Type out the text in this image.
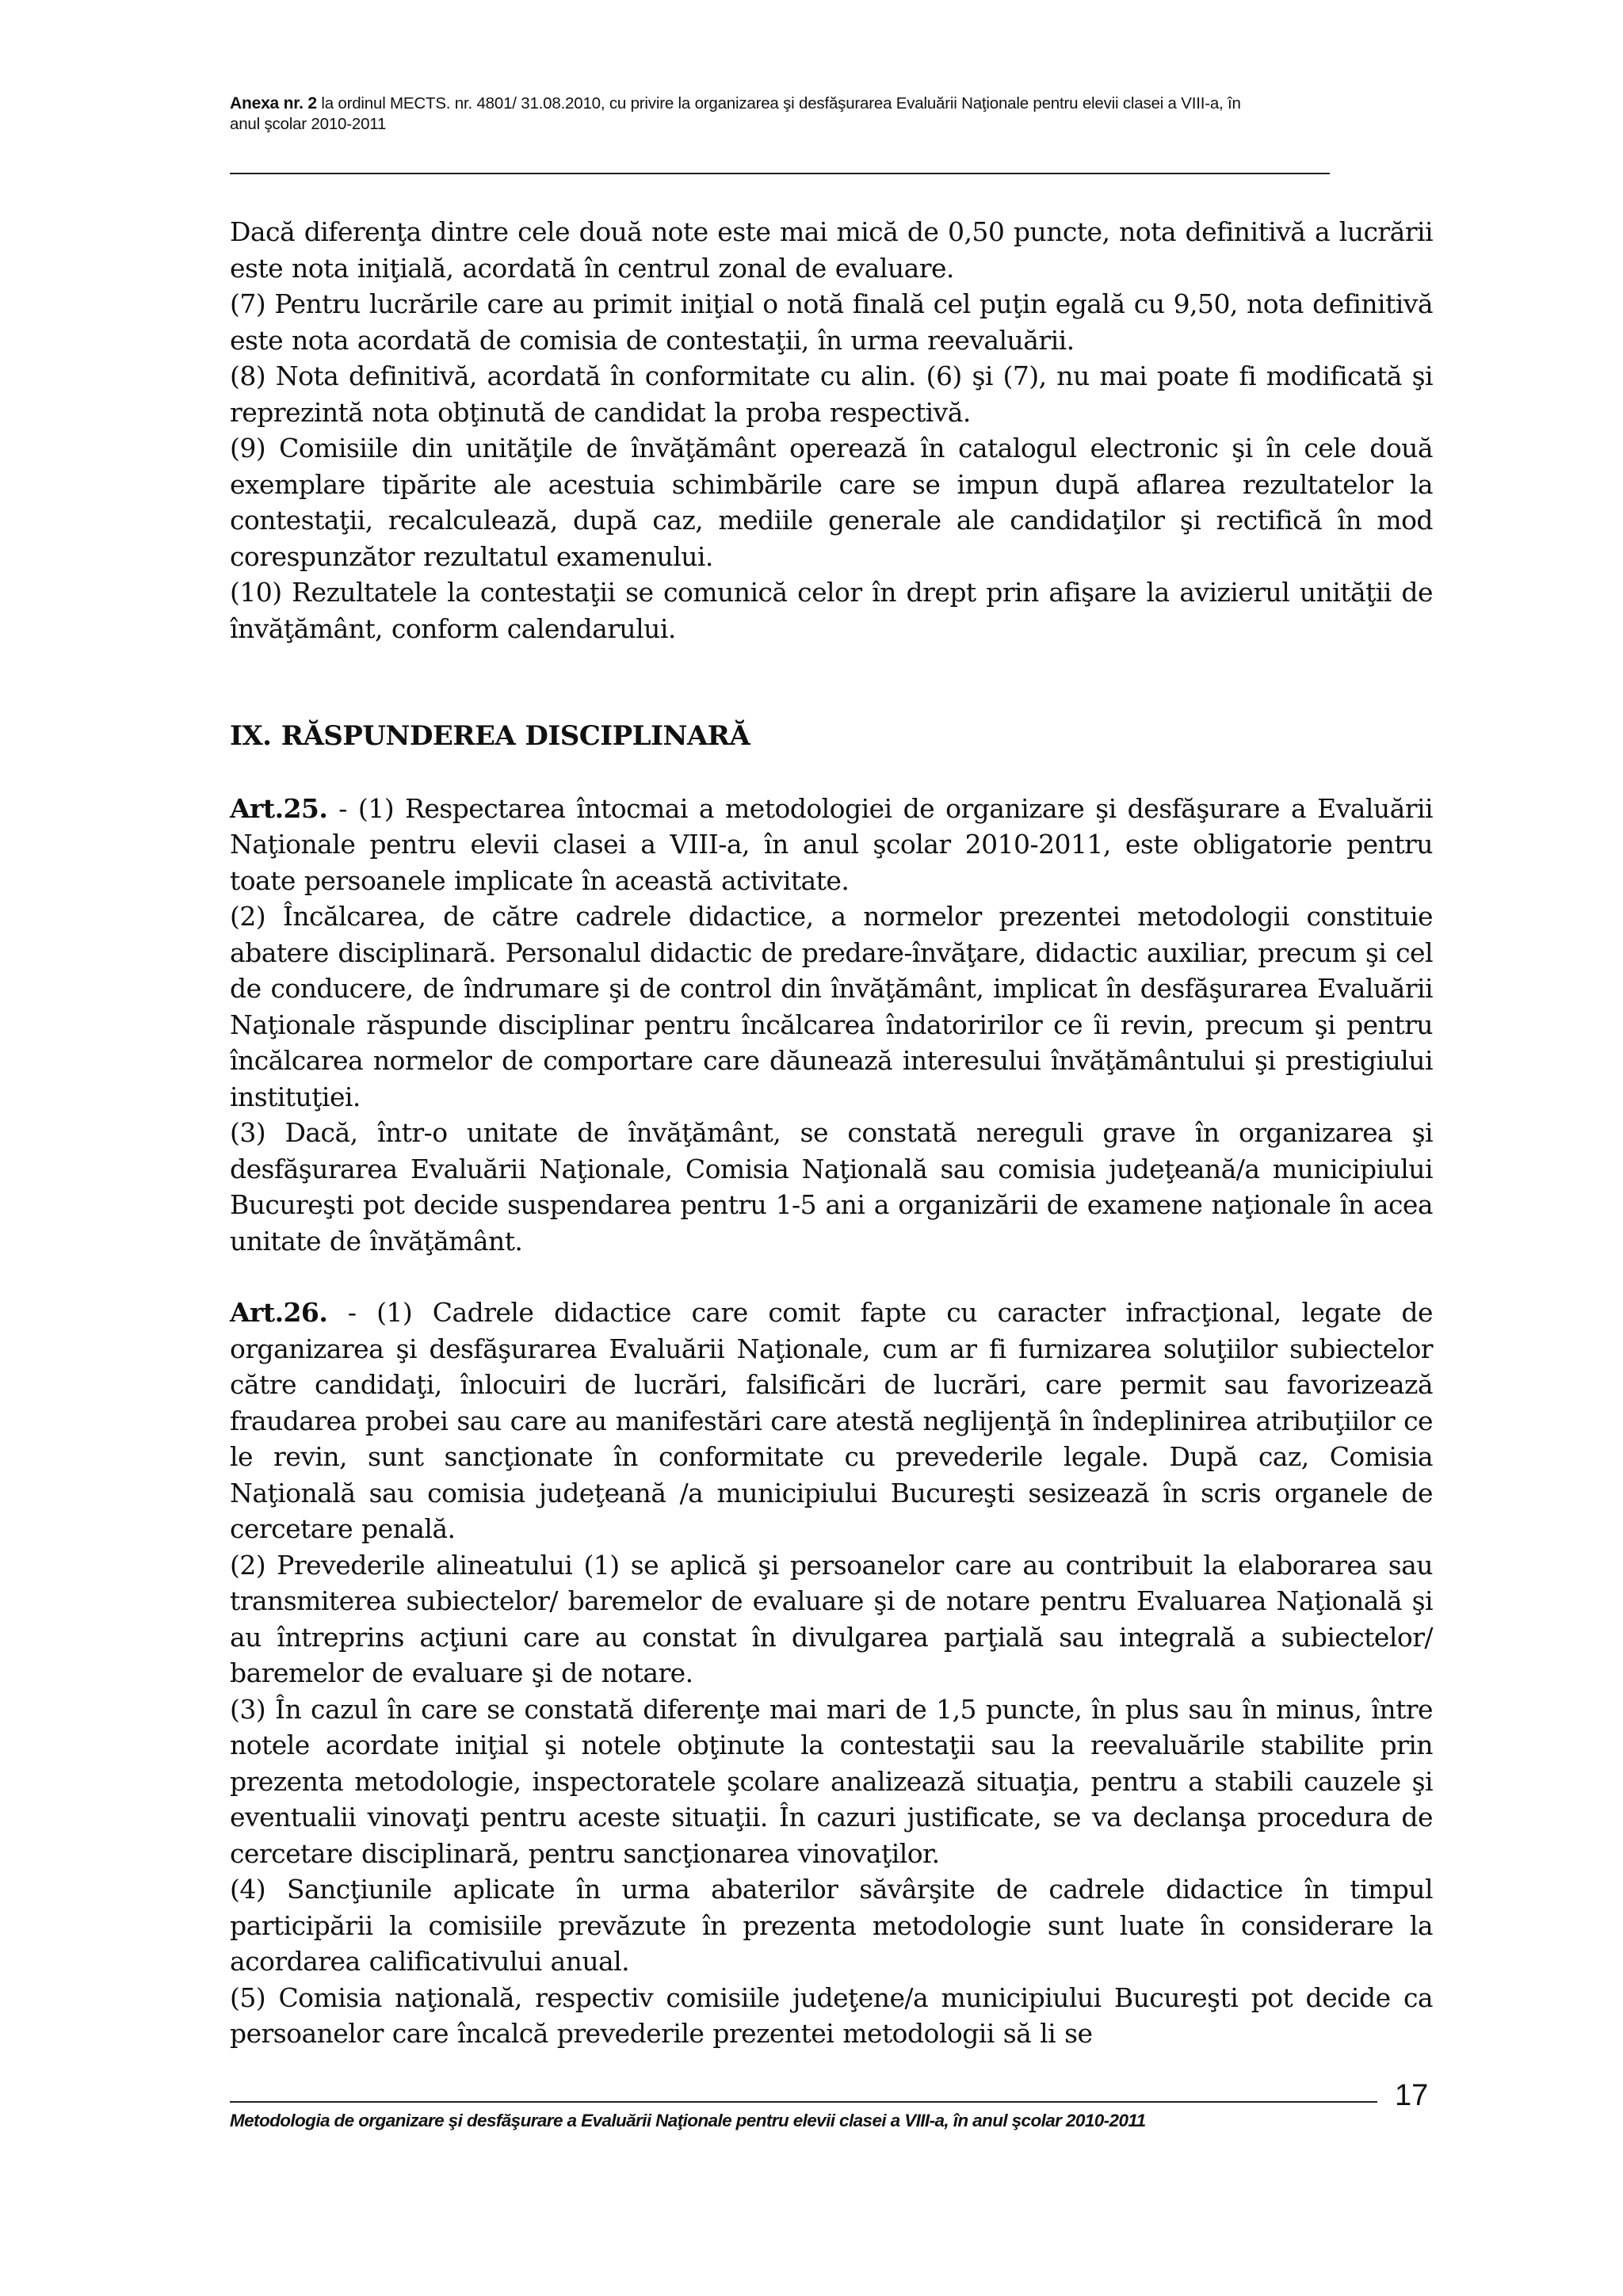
Anexa nr. 2 la ordinul MECTS. nr. 4801/ 31.08.2010, cu privire la organizarea şi desfăşurarea Evaluării Naţionale pentru elevii clasei a VIII-a, în
anul şcolar 2010-2011

Dacă diferenţa dintre cele două note este mai mică de 0,50 puncte, nota definitivă a lucrării este nota iniţială, acordată în centrul zonal de evaluare.

(7) Pentru lucrările care au primit iniţial o notă finală cel puţin egală cu 9,50, nota definitivă este nota acordată de comisia de contestaţii, în urma reevaluării.

(8) Nota definitivă, acordată în conformitate cu alin. (6) şi (7), nu mai poate fi modificată şi reprezintă nota obţinută de candidat la proba respectivă.

(9) Comisiile din unităţile de învăţământ operează în catalogul electronic şi în cele două exemplare tipărite ale acestuia schimbările care se impun după aflarea rezultatelor la contestaţii, recalculează, după caz, mediile generale ale candidaţilor şi rectifică în mod corespunzător rezultatul examenului.

(10) Rezultatele la contestaţii se comunică celor în drept prin afişare la avizierul unităţii de învăţământ, conform calendarului.

IX. RĂSPUNDEREA DISCIPLINARĂ

Art.25. - (1) Respectarea întocmai a metodologiei de organizare şi desfăşurare a Evaluării Naţionale pentru elevii clasei a VIII-a, în anul şcolar 2010-2011, este obligatorie pentru toate persoanele implicate în această activitate.

(2) Încălcarea, de către cadrele didactice, a normelor prezentei metodologii constituie abatere disciplinară. Personalul didactic de predare-învăţare, didactic auxiliar, precum şi cel de conducere, de îndrumare şi de control din învăţământ, implicat în desfăşurarea Evaluării Naţionale răspunde disciplinar pentru încălcarea îndatoririlor ce îi revin, precum şi pentru încălcarea normelor de comportare care dăunează interesului învăţământului şi prestigiului instituţiei.

(3) Dacă, într-o unitate de învăţământ, se constată nereguli grave în organizarea şi desfăşurarea Evaluării Naţionale, Comisia Naţională sau comisia judeţeană/a municipiului Bucureşti pot decide suspendarea pentru 1-5 ani a organizării de examene naţionale în acea unitate de învăţământ.

Art.26. - (1) Cadrele didactice care comit fapte cu caracter infracţional, legate de organizarea şi desfăşurarea Evaluării Naţionale, cum ar fi furnizarea soluţiilor subiectelor către candidaţi, înlocuiri de lucrări, falsificări de lucrări, care permit sau favorizează fraudarea probei sau care au manifestări care atestă neglijenţă în îndeplinirea atribuţiilor ce le revin, sunt sancţionate în conformitate cu prevederile legale. După caz, Comisia Naţională sau comisia judeţeană /a municipiului Bucureşti sesizează în scris organele de cercetare penală.

(2) Prevederile alineatului (1) se aplică şi persoanelor care au contribuit la elaborarea sau transmiterea subiectelor/ baremelor de evaluare şi de notare pentru Evaluarea Naţională şi au întreprins acţiuni care au constat în divulgarea parţială sau integrală a subiectelor/ baremelor de evaluare şi de notare.

(3) În cazul în care se constată diferenţe mai mari de 1,5 puncte, în plus sau în minus, între notele acordate iniţial şi notele obţinute la contestaţii sau la reevaluările stabilite prin prezenta metodologie, inspectoratele şcolare analizează situaţia, pentru a stabili cauzele şi eventualii vinovaţi pentru aceste situaţii. În cazuri justificate, se va declanşa procedura de cercetare disciplinară, pentru sancţionarea vinovaţilor.

(4) Sancţiunile aplicate în urma abaterilor săvârşite de cadrele didactice în timpul participării la comisiile prevăzute în prezenta metodologie sunt luate în considerare la acordarea calificativului anual.

(5) Comisia naţională, respectiv comisiile judeţene/a municipiului Bucureşti pot decide ca persoanelor care încalcă prevederile prezentei metodologii să li se

Metodologia de organizare şi desfăşurare a Evaluării Naţionale pentru elevii clasei a VIII-a, în anul şcolar 2010-2011
17
